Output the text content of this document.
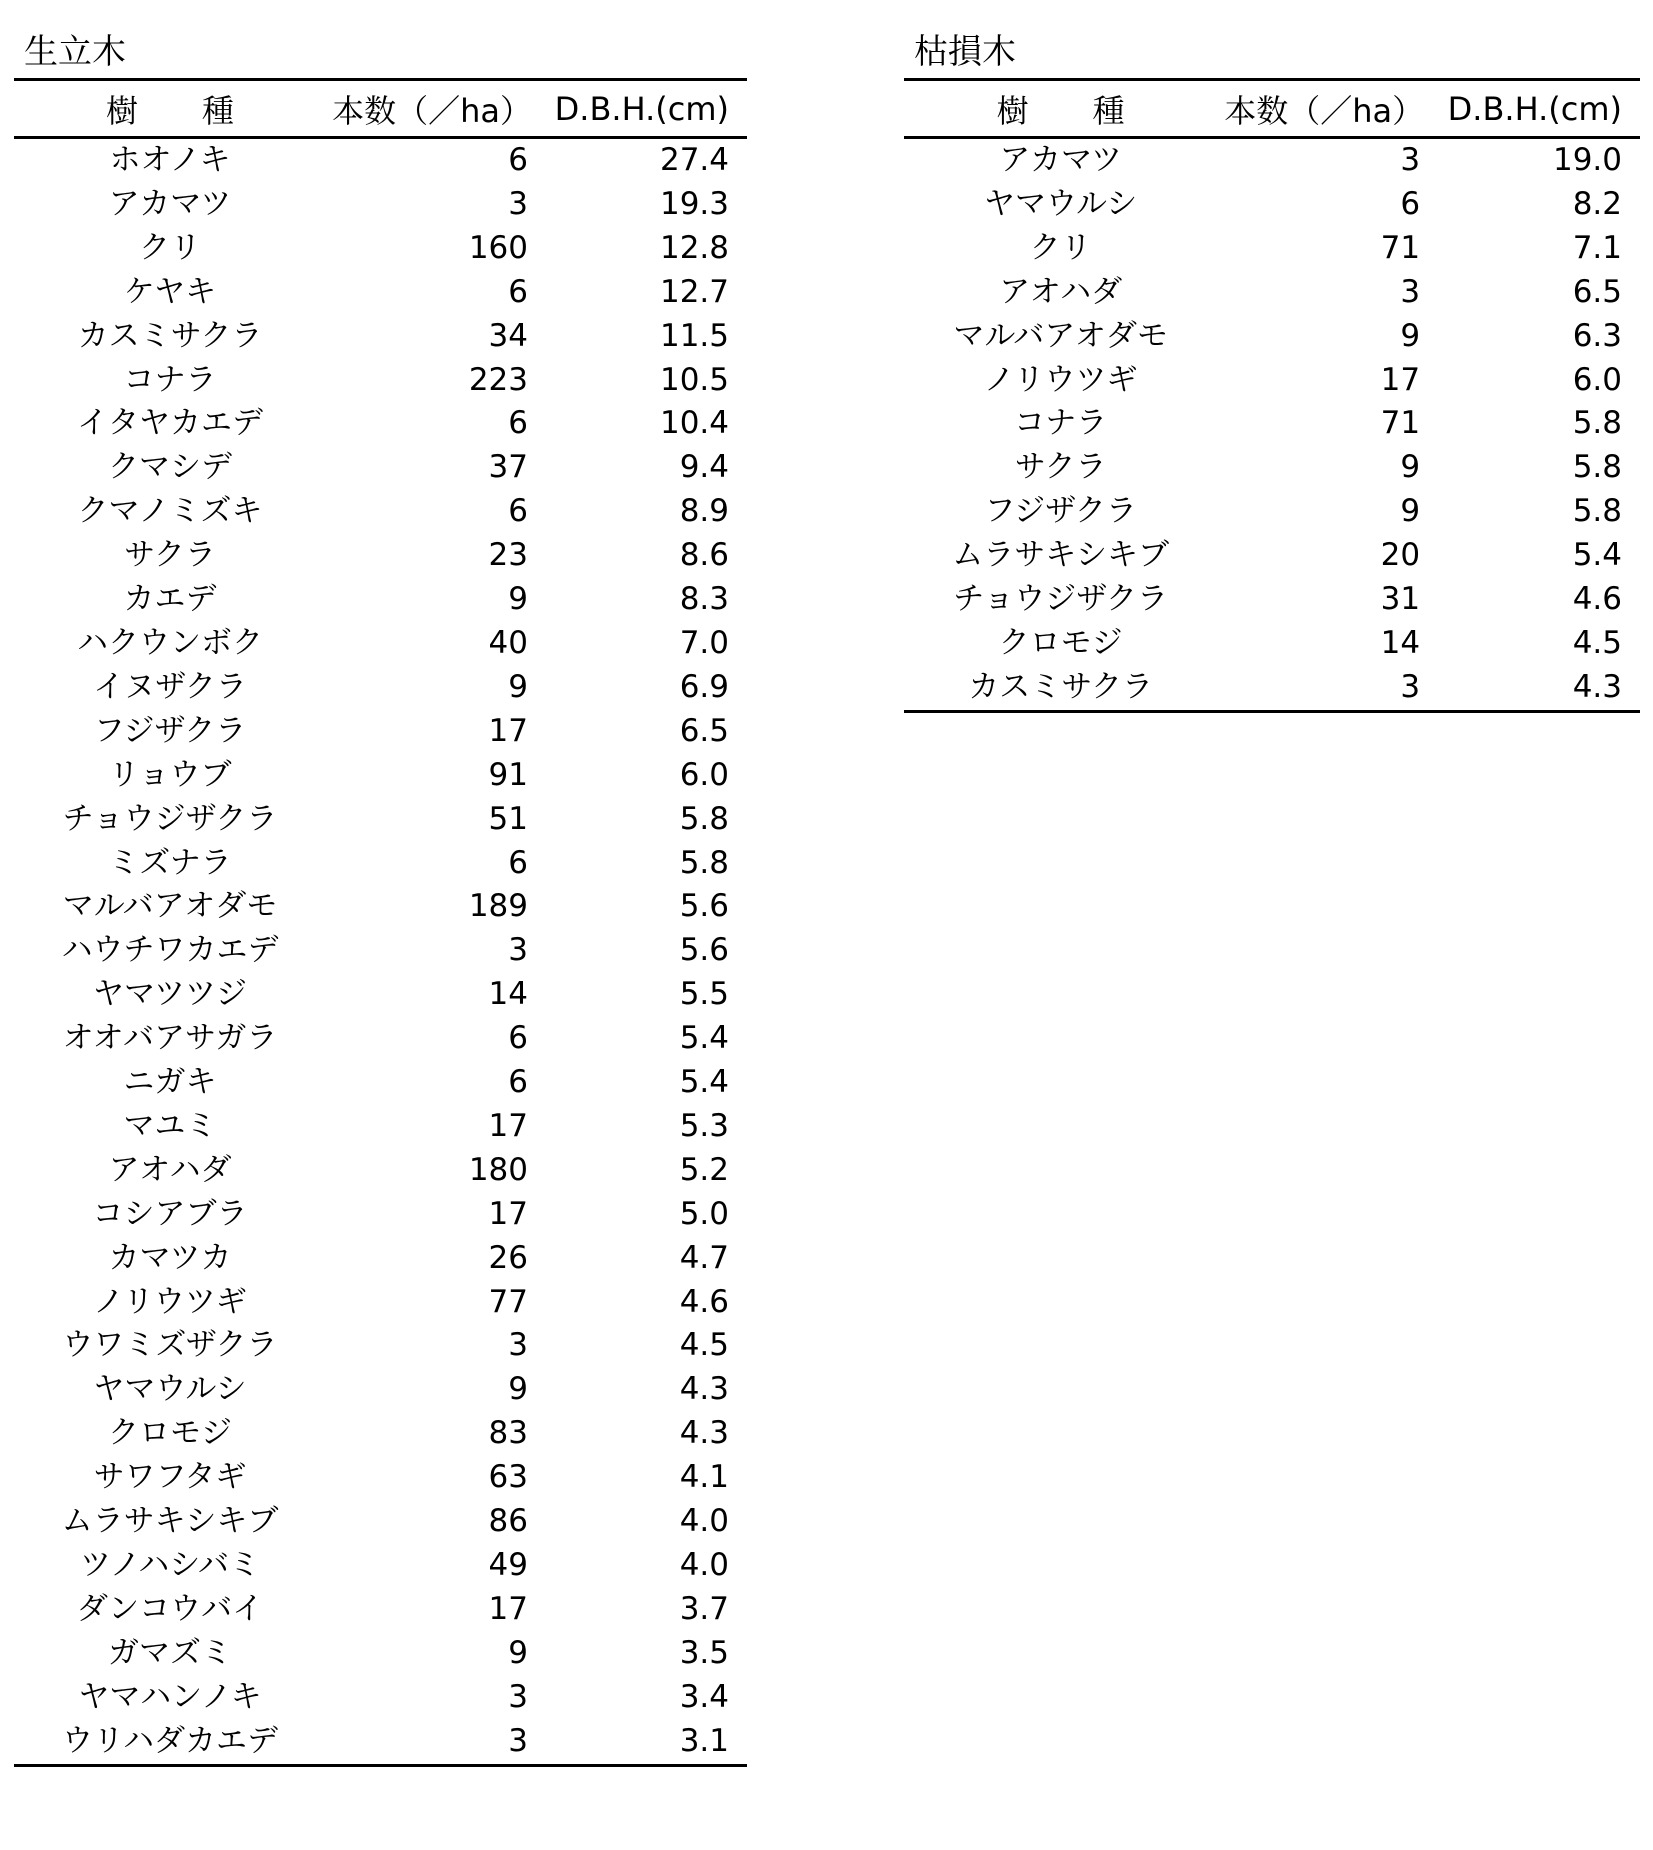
生立木
樹　　種	本数（／ha）	D.B.H.(cm)
ホオノキ	6	27.4
アカマツ	3	19.3
クリ	160	12.8
ケヤキ	6	12.7
カスミサクラ	34	11.5
コナラ	223	10.5
イタヤカエデ	6	10.4
クマシデ	37	9.4
クマノミズキ	6	8.9
サクラ	23	8.6
カエデ	9	8.3
ハクウンボク	40	7.0
イヌザクラ	9	6.9
フジザクラ	17	6.5
リョウブ	91	6.0
チョウジザクラ	51	5.8
ミズナラ	6	5.8
マルバアオダモ	189	5.6
ハウチワカエデ	3	5.6
ヤマツツジ	14	5.5
オオバアサガラ	6	5.4
ニガキ	6	5.4
マユミ	17	5.3
アオハダ	180	5.2
コシアブラ	17	5.0
カマツカ	26	4.7
ノリウツギ	77	4.6
ウワミズザクラ	3	4.5
ヤマウルシ	9	4.3
クロモジ	83	4.3
サワフタギ	63	4.1
ムラサキシキブ	86	4.0
ツノハシバミ	49	4.0
ダンコウバイ	17	3.7
ガマズミ	9	3.5
ヤマハンノキ	3	3.4
ウリハダカエデ	3	3.1
枯損木
樹　　種	本数（／ha）	D.B.H.(cm)
アカマツ	3	19.0
ヤマウルシ	6	8.2
クリ	71	7.1
アオハダ	3	6.5
マルバアオダモ	9	6.3
ノリウツギ	17	6.0
コナラ	71	5.8
サクラ	9	5.8
フジザクラ	9	5.8
ムラサキシキブ	20	5.4
チョウジザクラ	31	4.6
クロモジ	14	4.5
カスミサクラ	3	4.3
